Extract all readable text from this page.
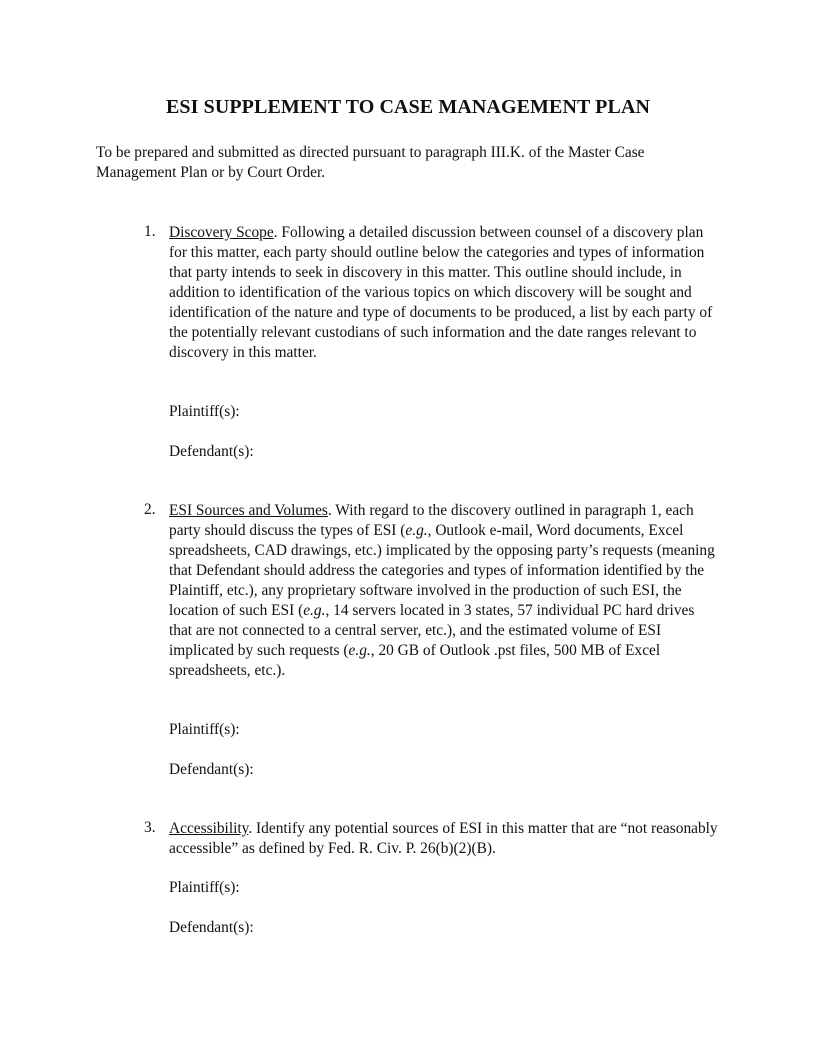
ESI SUPPLEMENT TO CASE MANAGEMENT PLAN

To be prepared and submitted as directed pursuant to paragraph III.K. of the Master Case Management Plan or by Court Order.

1. Discovery Scope. Following a detailed discussion between counsel of a discovery plan for this matter, each party should outline below the categories and types of information that party intends to seek in discovery in this matter. This outline should include, in addition to identification of the various topics on which discovery will be sought and identification of the nature and type of documents to be produced, a list by each party of the potentially relevant custodians of such information and the date ranges relevant to discovery in this matter.

Plaintiff(s):
Defendant(s):
2. ESI Sources and Volumes. With regard to the discovery outlined in paragraph 1, each party should discuss the types of ESI (e.g., Outlook e-mail, Word documents, Excel spreadsheets, CAD drawings, etc.) implicated by the opposing party’s requests (meaning that Defendant should address the categories and types of information identified by the Plaintiff, etc.), any proprietary software involved in the production of such ESI, the location of such ESI (e.g., 14 servers located in 3 states, 57 individual PC hard drives that are not connected to a central server, etc.), and the estimated volume of ESI implicated by such requests (e.g., 20 GB of Outlook .pst files, 500 MB of Excel spreadsheets, etc.).

Plaintiff(s):
Defendant(s):
3. Accessibility. Identify any potential sources of ESI in this matter that are “not reasonably accessible” as defined by Fed. R. Civ. P. 26(b)(2)(B).

Plaintiff(s):
Defendant(s):
